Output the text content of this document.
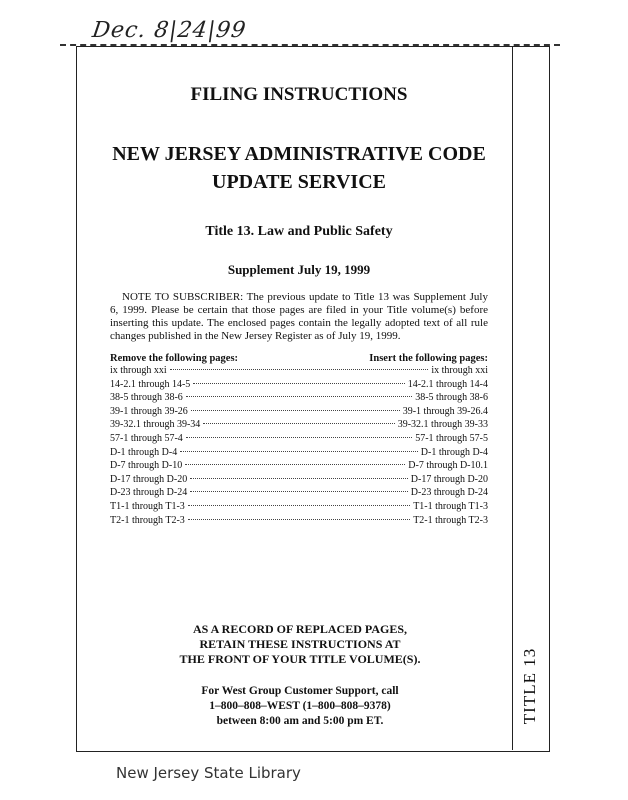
Dec. 8|24|99
TITLE 13
FILING INSTRUCTIONS
NEW JERSEY ADMINISTRATIVE CODE
UPDATE SERVICE
Title 13. Law and Public Safety
Supplement July 19, 1999
NOTE TO SUBSCRIBER: The previous update to Title 13 was Supplement July 6, 1999. Please be certain that those pages are filed in your Title volume(s) before inserting this update. The enclosed pages contain the legally adopted text of all rule changes published in the New Jersey Register as of July 19, 1999.
Remove the following pages:	Insert the following pages:
ix through xxi	ix through xxi
14-2.1 through 14-5	14-2.1 through 14-4
38-5 through 38-6	38-5 through 38-6
39-1 through 39-26	39-1 through 39-26.4
39-32.1 through 39-34	39-32.1 through 39-33
57-1 through 57-4	57-1 through 57-5
D-1 through D-4	D-1 through D-4
D-7 through D-10	D-7 through D-10.1
D-17 through D-20	D-17 through D-20
D-23 through D-24	D-23 through D-24
T1-1 through T1-3	T1-1 through T1-3
T2-1 through T2-3	T2-1 through T2-3
AS A RECORD OF REPLACED PAGES,
RETAIN THESE INSTRUCTIONS AT
THE FRONT OF YOUR TITLE VOLUME(S).
For West Group Customer Support, call
1–800–808–WEST (1–800–808–9378)
between 8:00 am and 5:00 pm ET.
New Jersey State Library
